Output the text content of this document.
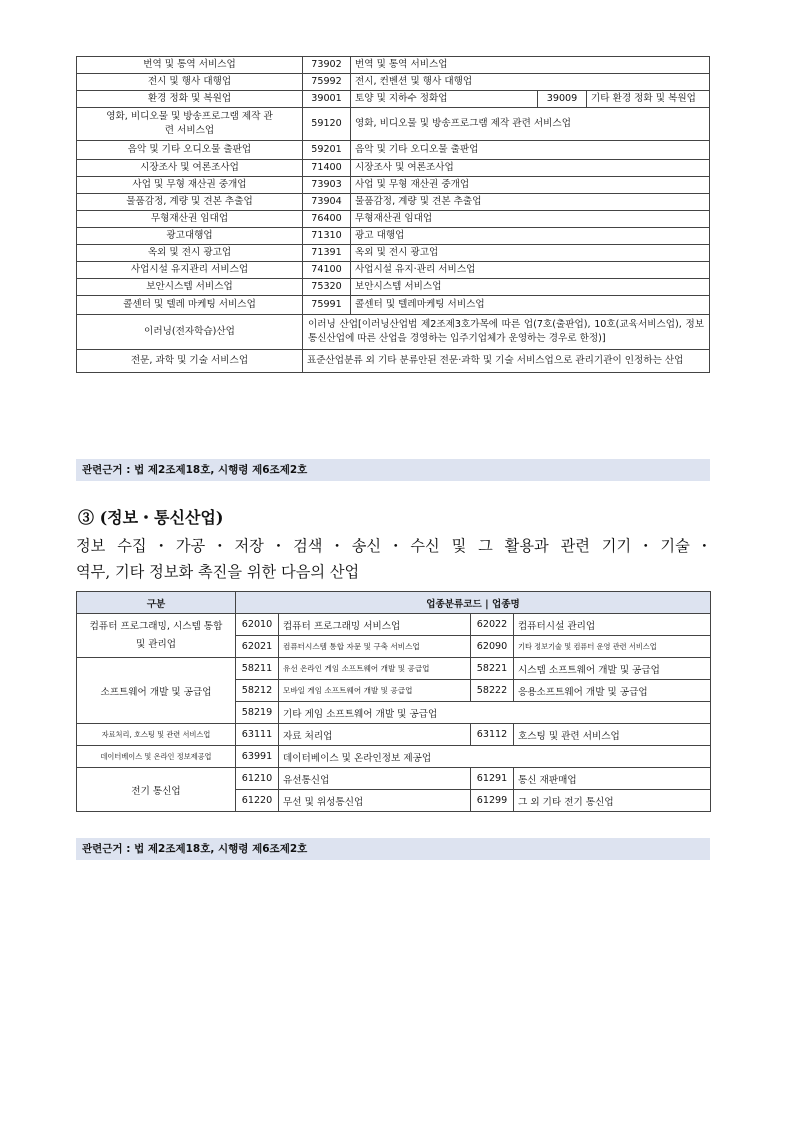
번역 및 통역 서비스업	73902	번역 및 통역 서비스업		
전시 및 행사 대행업	75992	전시, 컨벤션 및 행사 대행업		
환경 정화 및 복원업	39001	토양 및 지하수 정화업	39009	기타 환경 정화 및 복원업
영화, 비디오물 및 방송프로그램 제작 관련 서비스업	59120	영화, 비디오물 및 방송프로그램 제작 관련 서비스업		
음악 및 기타 오디오물 출판업	59201	음악 및 기타 오디오물 출판업		
시장조사 및 여론조사업	71400	시장조사 및 여론조사업		
사업 및 무형 재산권 중개업	73903	사업 및 무형 재산권 중개업		
물품감정, 계량 및 견본 추출업	73904	물품감정, 계량 및 견본 추출업		
무형재산권 임대업	76400	무형재산권 임대업		
광고대행업	71310	광고 대행업		
옥외 및 전시 광고업	71391	옥외 및 전시 광고업		
사업시설 유지관리 서비스업	74100	사업시설 유지·관리 서비스업		
보안시스템 서비스업	75320	보안시스템 서비스업		
콜센터 및 텔레 마케팅 서비스업	75991	콜센터 및 텔레마케팅 서비스업		
이러닝(전자학습)산업	이러닝 산업[이러닝산업법 제2조제3호가목에 따른 업(7호(출판업), 10호(교육서비스업), 정보통신산업에 따른 산업을 경영하는 입주기업체가 운영하는 경우로 한정)]			
전문, 과학 및 기술 서비스업	표준산업분류 외 기타 분류안된 전문·과학 및 기술 서비스업으로 관리기관이 인정하는 산업			
관련근거 : 법 제2조제18호, 시행령 제6조제2호
③ (정보・통신산업)
정보 수집・가공・저장・검색・송신・수신 및 그 활용과 관련 기기・기술・
역무, 기타 정보화 촉진을 위한 다음의 산업
구분	업종분류코드 | 업종명			
컴퓨터 프로그래밍, 시스템 통합 및 관리업	62010	컴퓨터 프로그래밍 서비스업	62022	컴퓨터시설 관리업
	62021	컴퓨터시스템 통합 자문 및 구축 서비스업	62090	기타 정보기술 및 컴퓨터 운영 관련 서비스업
소프트웨어 개발 및 공급업	58211	유선 온라인 게임 소프트웨어 개발 및 공급업	58221	시스템 소프트웨어 개발 및 공급업
	58212	모바일 게임 소프트웨어 개발 및 공급업	58222	응용소프트웨어 개발 및 공급업
	58219	기타 게임 소프트웨어 개발 및 공급업		
자료처리, 호스팅 및 관련 서비스업	63111	자료 처리업	63112	호스팅 및 관련 서비스업
데이터베이스 및 온라인 정보제공업	63991	데이터베이스 및 온라인정보 제공업		
전기 통신업	61210	유선통신업	61291	통신 재판매업
	61220	무선 및 위성통신업	61299	그 외 기타 전기 통신업
관련근거 : 법 제2조제18호, 시행령 제6조제2호
